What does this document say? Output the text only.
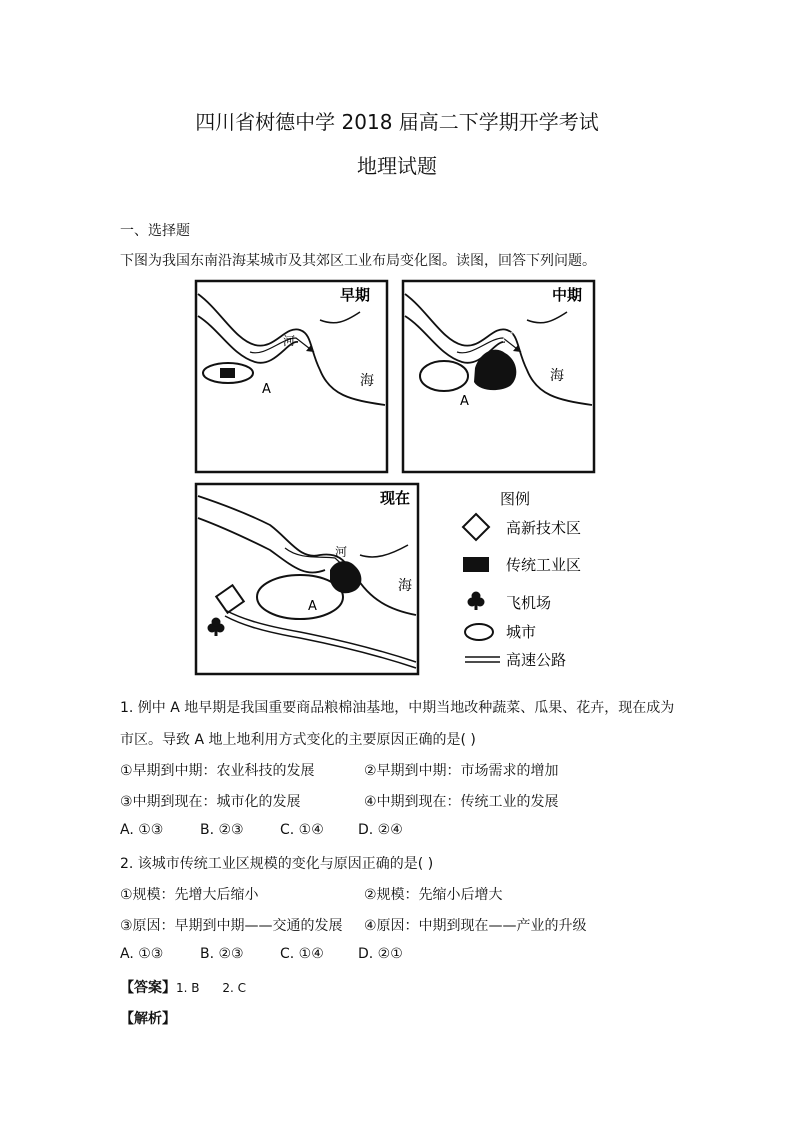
四川省树德中学 2018 届高二下学期开学考试
地理试题
一、选择题
下图为我国东南沿海某城市及其郊区工业布局变化图。读图，回答下列问题。
早期
河
海
A
中期
河
海
A
现在
河
海
A
图例
高新技术区
传统工业区
飞机场
城市
高速公路
1. 例中 A 地早期是我国重要商品粮棉油基地，中期当地改种蔬菜、瓜果、花卉，现在成为
市区。导致 A 地上地利用方式变化的主要原因正确的是( )
①早期到中期：农业科技的发展	②早期到中期：市场需求的增加
③中期到现在：城市化的发展	④中期到现在：传统工业的发展
A. ①③	B. ②③	C. ①④ D. ②④
2. 该城市传统工业区规模的变化与原因正确的是( )
①规模：先增大后缩小	②规模：先缩小后增大
③原因：早期到中期——交通的发展 ④原因：中期到现在——产业的升级
A. ①③	B. ②③	C. ①④ D. ②①
【答案】1. B      2. C
【解析】
